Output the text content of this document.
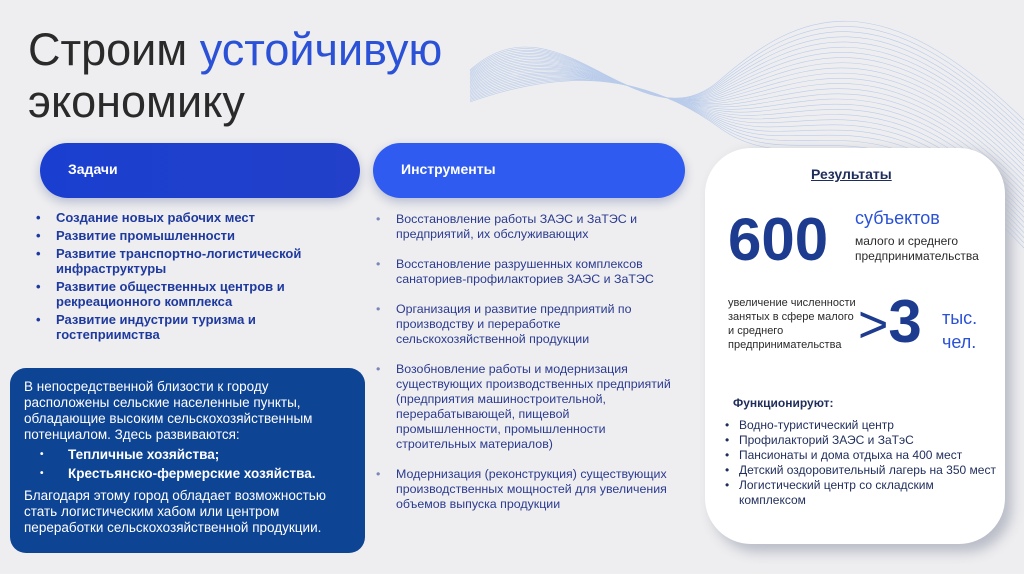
Строим устойчивую
экономику
Задачи	Инструменты
• Создание новых рабочих мест
• Развитие промышленности
• Развитие транспортно-логистической инфраструктуры
• Развитие общественных центров и рекреационного комплекса
• Развитие индустрии туризма и гостеприимства

В непосредственной близости к городу расположены сельские населенные пункты, обладающие высоким сельскохозяйственным потенциалом. Здесь развиваются:

• Тепличные хозяйства;
• Крестьянско-фермерские хозяйства.

Благодаря этому город обладает возможностью стать логистическим хабом или центром переработки сельскохозяйственной продукции.

• Восстановление работы ЗАЭС и ЗаТЭС и предприятий, их обслуживающих
• Восстановление разрушенных комплексов санаториев-профилакториев ЗАЭС и ЗаТЭС
• Организация и развитие предприятий по производству и переработке сельскохозяйственной продукции
• Возобновление работы и модернизация существующих производственных предприятий (предприятия машиностроительной, перерабатывающей, пищевой промышленности, промышленности строительных материалов)
• Модернизация (реконструкция) существующих производственных мощностей для увеличения объемов выпуска продукции
Результаты
600 субъектов
малого и среднего предпринимательства
увеличение численности занятых в сфере малого и среднего предпринимательства >3 тыс. чел.
Функционируют:
• Водно-туристический центр
• Профилакторий ЗАЭС и ЗаТэС
• Пансионаты и дома отдыха на 400 мест
• Детский оздоровительный лагерь на 350 мест
• Логистический центр со складским комплексом
